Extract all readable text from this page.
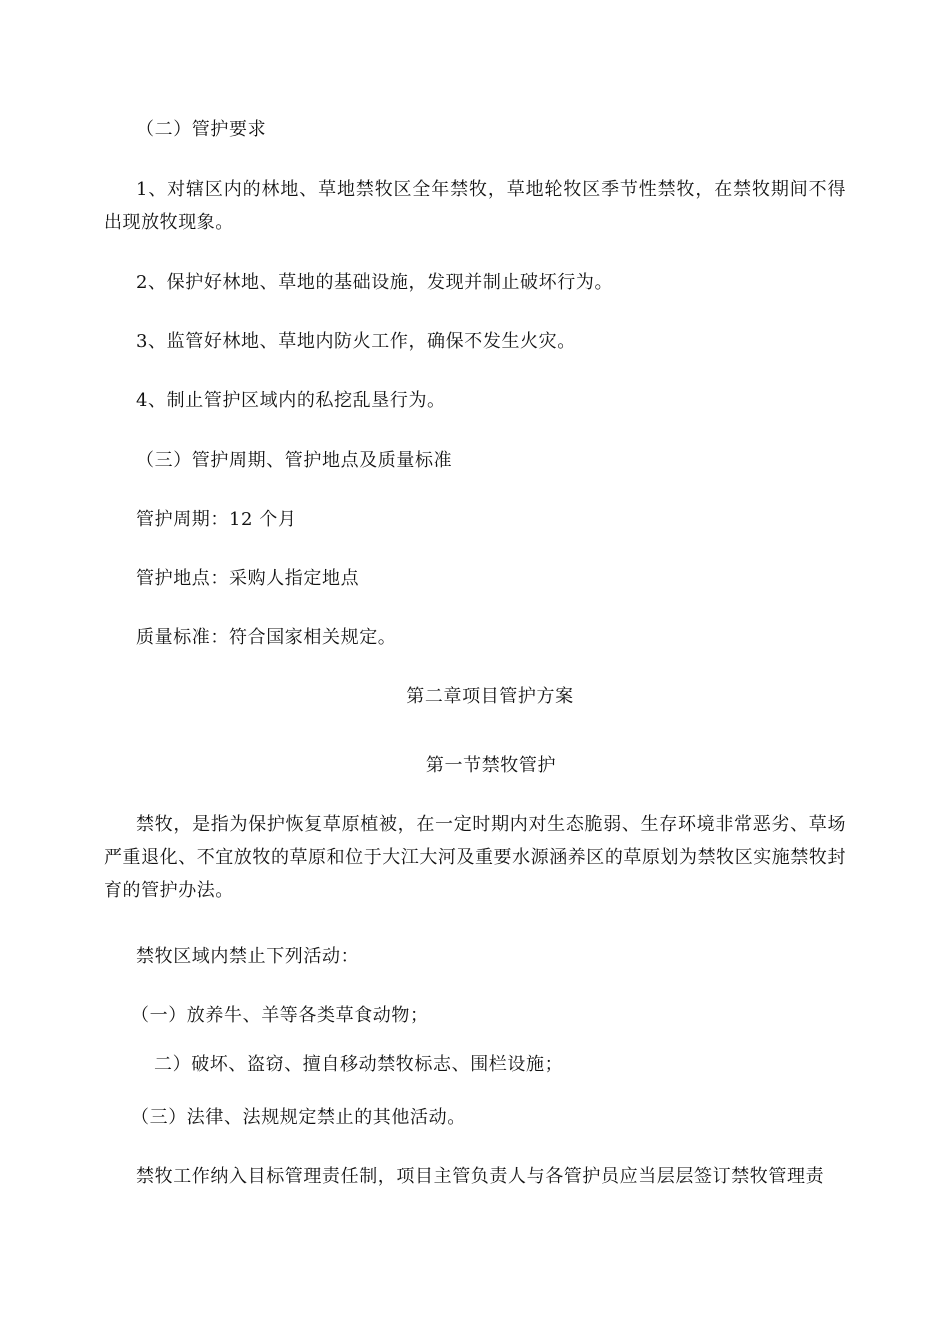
（二）管护要求
1、对辖区内的林地、草地禁牧区全年禁牧，草地轮牧区季节性禁牧，在禁牧期间不得出现放牧现象。
2、保护好林地、草地的基础设施，发现并制止破坏行为。
3、监管好林地、草地内防火工作，确保不发生火灾。
4、制止管护区域内的私挖乱垦行为。
（三）管护周期、管护地点及质量标准
管护周期：12 个月
管护地点：采购人指定地点
质量标准：符合国家相关规定。
第二章项目管护方案
第一节禁牧管护
禁牧，是指为保护恢复草原植被，在一定时期内对生态脆弱、生存环境非常恶劣、草场严重退化、不宜放牧的草原和位于大江大河及重要水源涵养区的草原划为禁牧区实施禁牧封育的管护办法。
禁牧区域内禁止下列活动：
（一）放养牛、羊等各类草食动物；
二）破坏、盗窃、擅自移动禁牧标志、围栏设施；
（三）法律、法规规定禁止的其他活动。
禁牧工作纳入目标管理责任制，项目主管负责人与各管护员应当层层签订禁牧管理责
